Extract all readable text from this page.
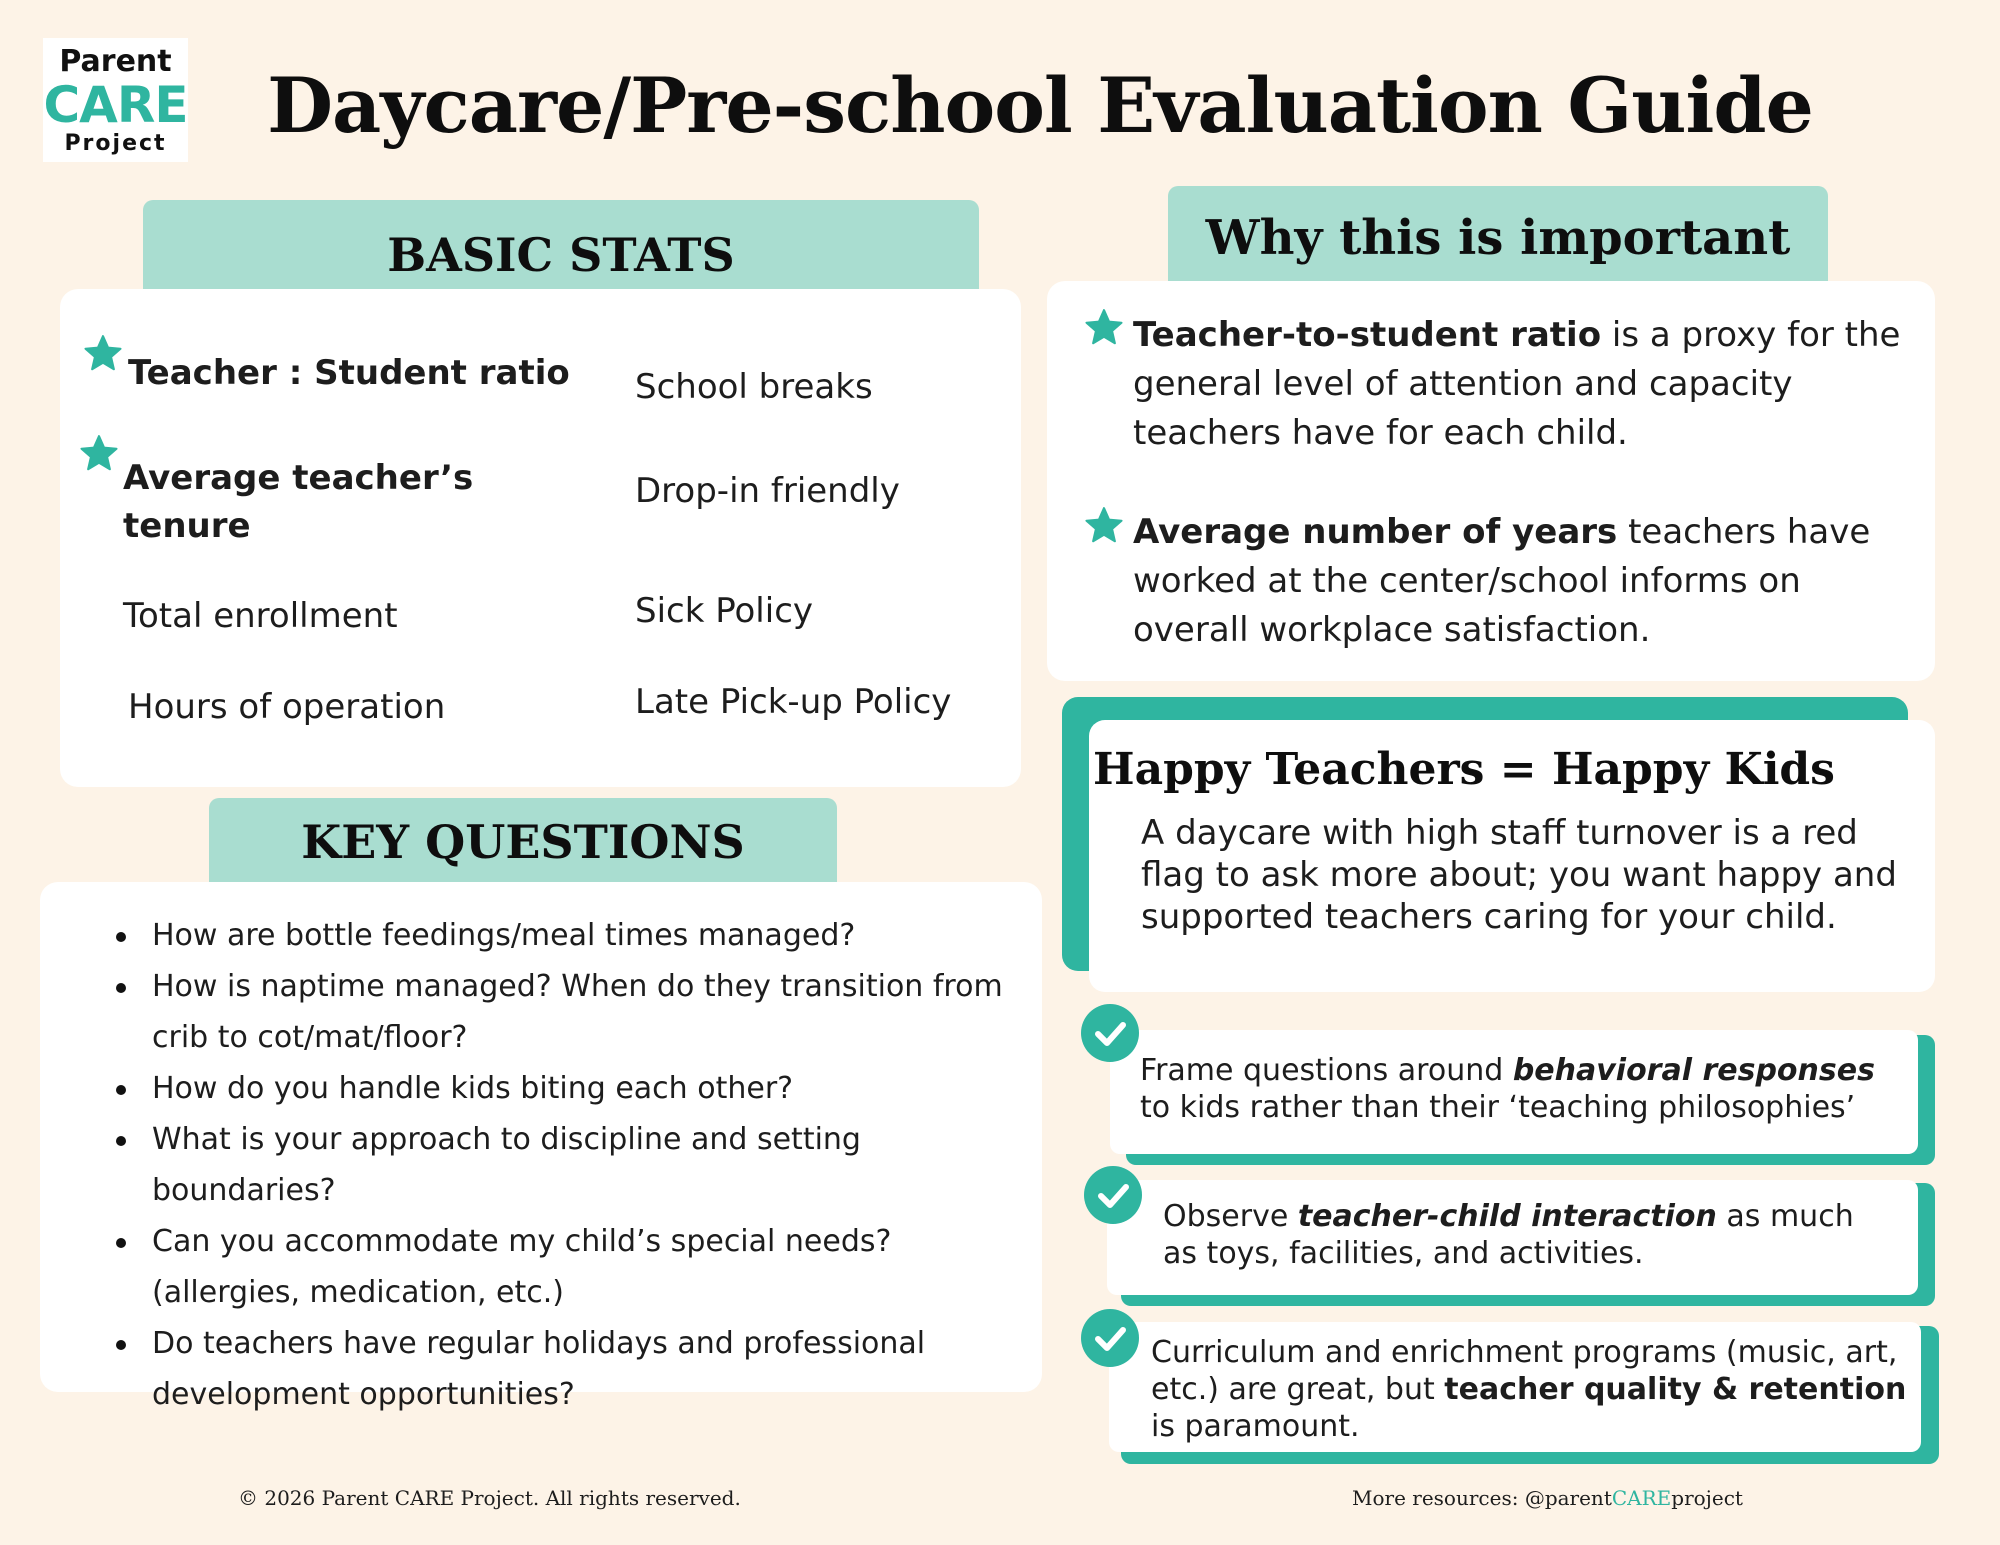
Parent
CARE
Project Daycare/Pre-school Evaluation Guide
BASIC STATS
Teacher : Student ratio
Average teacher’s
tenure
Total enrollment
Hours of operation
School breaks
Drop-in friendly
Sick Policy
Late Pick-up Policy
KEY QUESTIONS
How are bottle feedings/meal times managed?
How is naptime managed? When do they transition from crib to cot/mat/floor?
How do you handle kids biting each other?
What is your approach to discipline and setting boundaries?
Can you accommodate my child’s special needs? (allergies, medication, etc.)
Do teachers have regular holidays and professional development opportunities?
Why this is important

Teacher-to-student ratio is a proxy for the general level of attention and capacity teachers have for each child.

Average number of years teachers have worked at the center/school informs on overall workplace satisfaction.

Happy Teachers = Happy Kids
A daycare with high staff turnover is a red flag to ask more about; you want happy and supported teachers caring for your child.
Frame questions around behavioral responses to kids rather than their ‘teaching philosophies’
Observe teacher-child interaction as much as toys, facilities, and activities.
Curriculum and enrichment programs (music, art, etc.) are great, but teacher quality & retention is paramount.
© 2026 Parent CARE Project. All rights reserved.	More resources: @parentCAREproject
